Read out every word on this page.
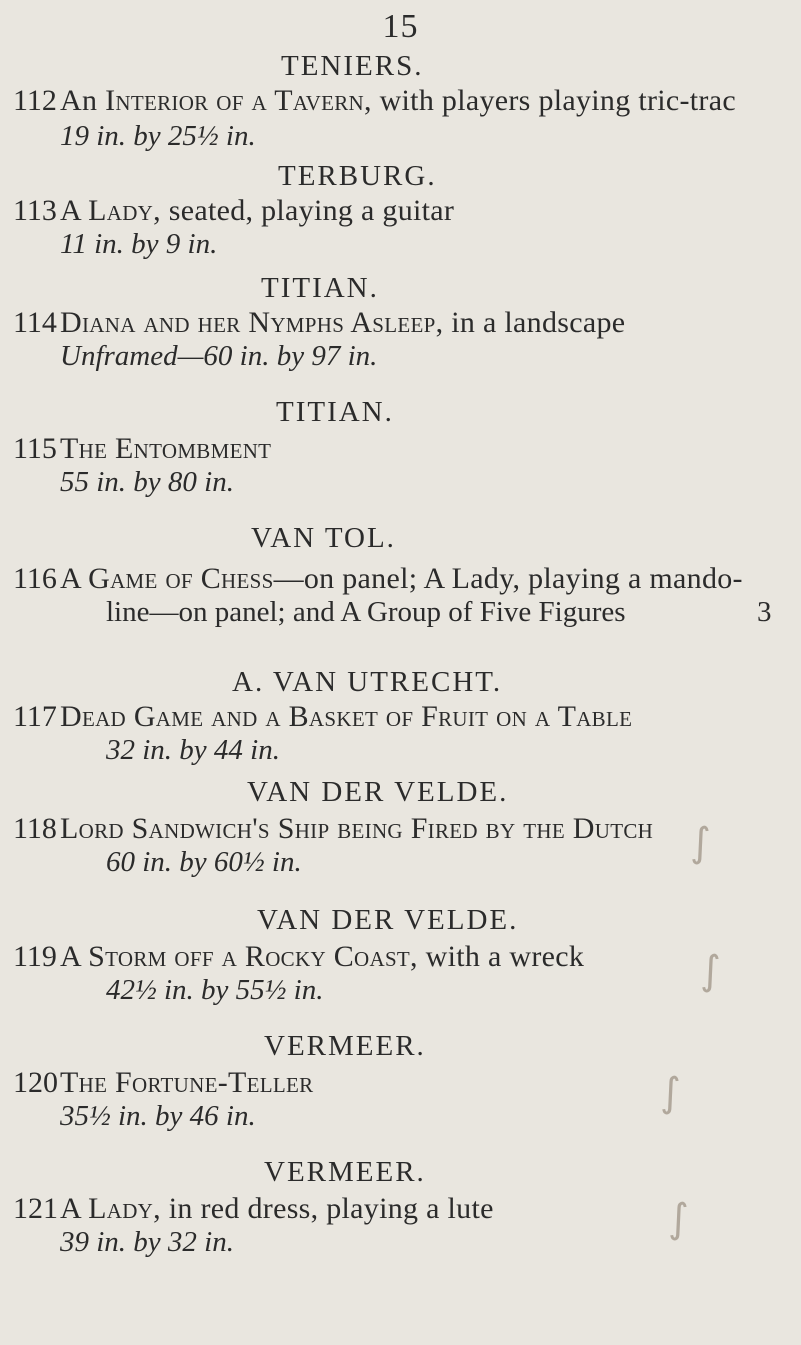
15
TENIERS.
112 An Interior of a Tavern, with players playing tric-trac
19 in. by 25½ in.
TERBURG.
113 A Lady, seated, playing a guitar
11 in. by 9 in.
TITIAN.
114 Diana and her Nymphs Asleep, in a landscape
Unframed—60 in. by 97 in.
TITIAN.
115 The Entombment
55 in. by 80 in.
VAN TOL.
116 A Game of Chess—on panel; A Lady, playing a mando-
line—on panel; and A Group of Five Figures	3
A. VAN UTRECHT.
117 Dead Game and a Basket of Fruit on a Table
32 in. by 44 in.
VAN DER VELDE.
118 Lord Sandwich's Ship being Fired by the Dutch
60 in. by 60½ in.
VAN DER VELDE.
119 A Storm off a Rocky Coast, with a wreck
42½ in. by 55½ in.
VERMEER.
120 The Fortune-Teller
35½ in. by 46 in.
VERMEER.
121 A Lady, in red dress, playing a lute
39 in. by 32 in.
∫
∫
∫
∫
